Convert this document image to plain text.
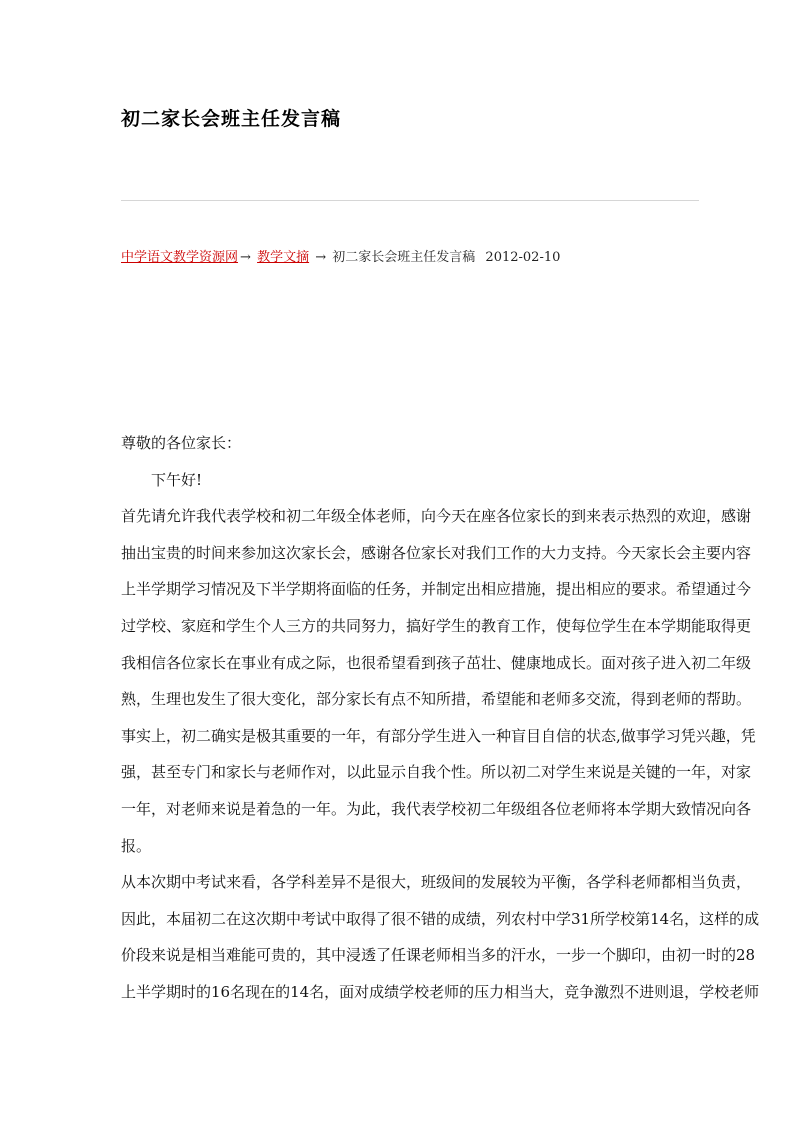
初二家长会班主任发言稿
中学语文教学资源网 → 教学文摘 → 初二家长会班主任发言稿 2012-02-10

尊敬的各位家长：

下午好!

首先请允许我代表学校和初二年级全体老师，向今天在座各位家长的到来表示热烈的欢迎，感谢

抽出宝贵的时间来参加这次家长会，感谢各位家长对我们工作的大力支持。今天家长会主要内容

上半学期学习情况及下半学期将面临的任务，并制定出相应措施，提出相应的要求。希望通过今

过学校、家庭和学生个人三方的共同努力，搞好学生的教育工作，使每位学生在本学期能取得更

我相信各位家长在事业有成之际，也很希望看到孩子茁壮、健康地成长。面对孩子进入初二年级

熟，生理也发生了很大变化，部分家长有点不知所措，希望能和老师多交流，得到老师的帮助。

事实上，初二确实是极其重要的一年，有部分学生进入一种盲目自信的状态,做事学习凭兴趣，凭

强，甚至专门和家长与老师作对，以此显示自我个性。所以初二对学生来说是关键的一年，对家

一年，对老师来说是着急的一年。为此，我代表学校初二年级组各位老师将本学期大致情况向各

报。

从本次期中考试来看，各学科差异不是很大，班级间的发展较为平衡，各学科老师都相当负责，

因此，本届初二在这次期中考试中取得了很不错的成绩，列农村中学31所学校第14名，这样的成

价段来说是相当难能可贵的，其中浸透了任课老师相当多的汗水，一步一个脚印，由初一时的28

上半学期时的16名现在的14名，面对成绩学校老师的压力相当大，竞争激烈不进则退，学校老师
